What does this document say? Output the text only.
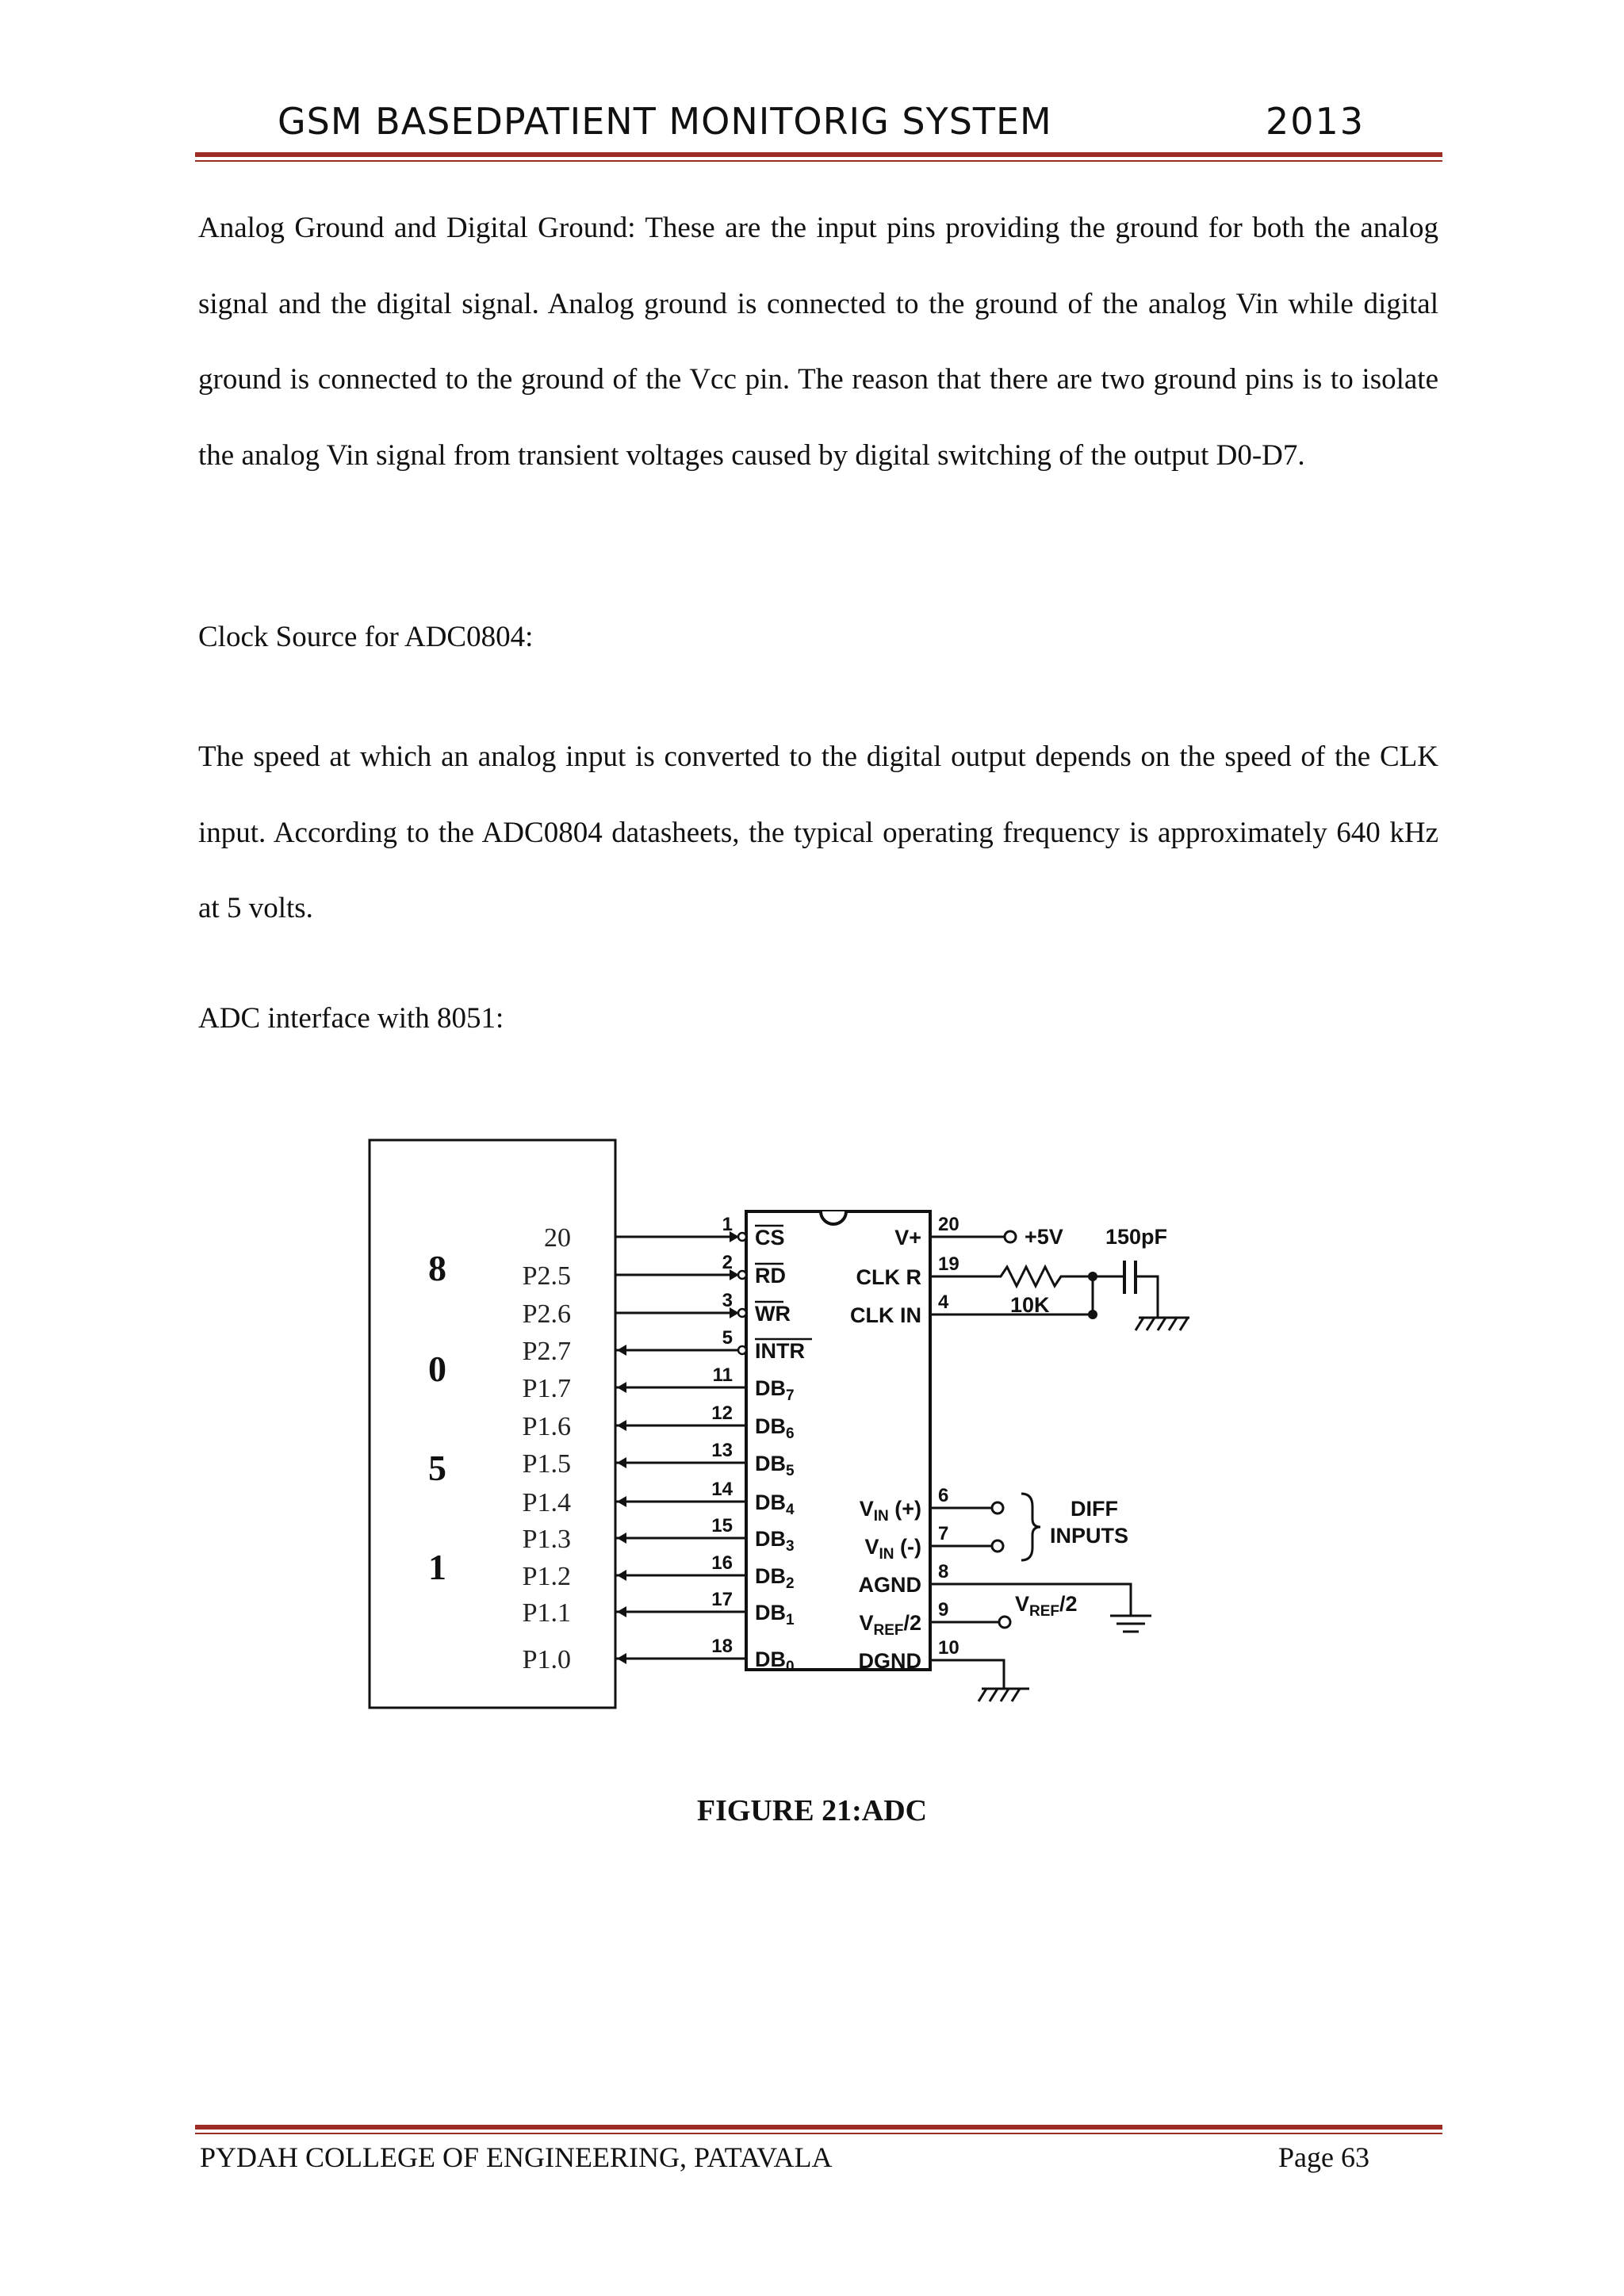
GSM BASEDPATIENT MONITORIG SYSTEM	2013

Analog Ground and Digital Ground: These are the input pins providing the ground for both the analog signal and the digital signal. Analog ground is connected to the ground of the analog Vin while digital ground is connected to the ground of the Vcc pin. The reason that there are two ground pins is to isolate the analog Vin signal from transient voltages caused by digital switching of the output D0-D7.

Clock Source for ADC0804:

The speed at which an analog input is converted to the digital output depends on the speed of the CLK input. According to the ADC0804 datasheets, the typical operating frequency is approximately 640 kHz at 5 volts.

ADC interface with 8051:

20
P2.5
P2.6
P2.7
P1.7
P1.6
P1.5
P1.4
P1.3
P1.2
P1.1
P1.0
1
CS
2
RD
3
WR
5
INTR
11
$DB_7$
12
$DB_6$
13
$DB_5$
14
$DB_4$
15
$DB_3$
16
$DB_2$
17
$DB_1$
18
$DB_0$
20
V+
19
CLK R
4
CLK IN
6
$V_{IN}$ (+)
7
$V_{IN}$ (-)
8
AGND
9
$V_{REF}/2$
10
DGND
+5V 150pF
10K
DIFF
INPUTS
$V_{REF}/2$
8
0
5
1
FIGURE 21:ADC
PYDAH COLLEGE OF ENGINEERING, PATAVALA	Page 63
